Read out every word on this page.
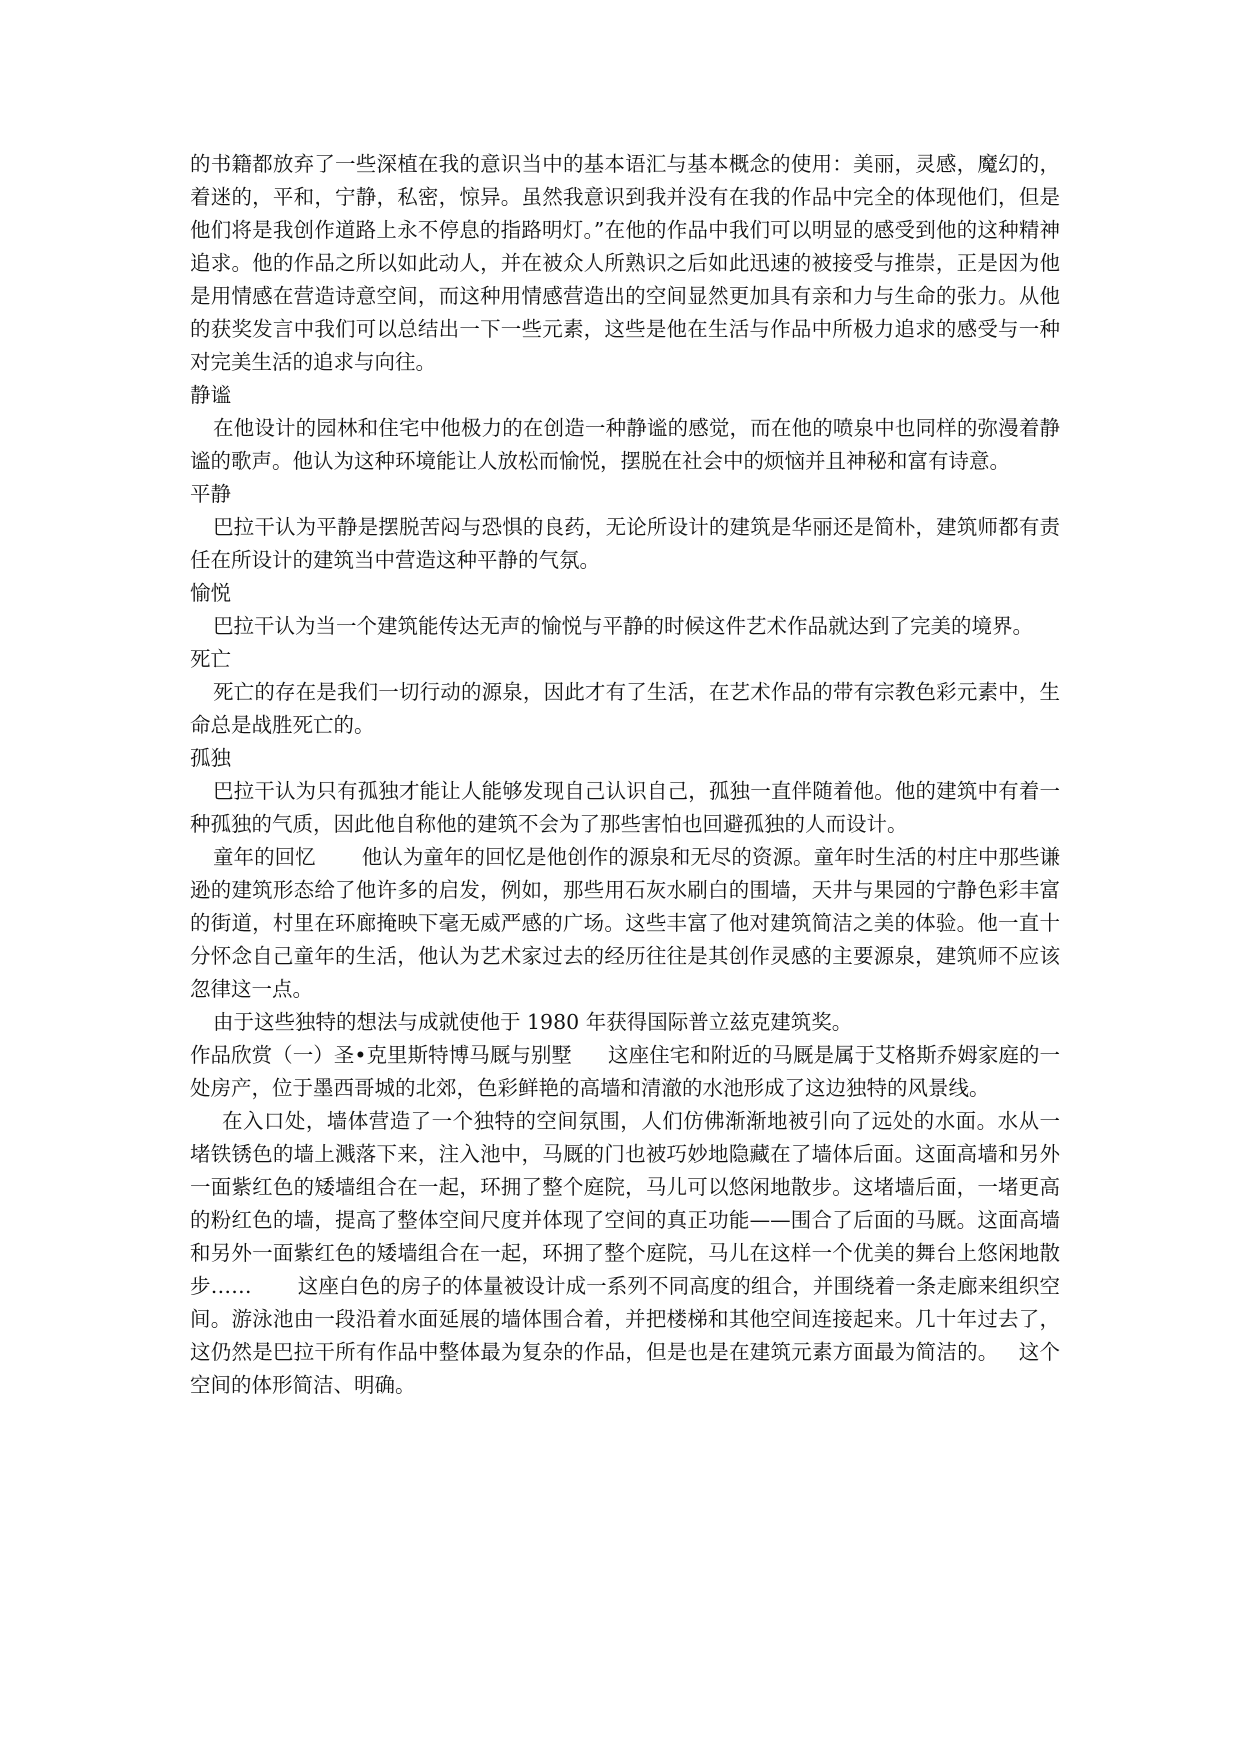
的书籍都放弃了一些深植在我的意识当中的基本语汇与基本概念的使用：美丽，灵感，魔幻的，着迷的，平和，宁静，私密，惊异。虽然我意识到我并没有在我的作品中完全的体现他们，但是他们将是我创作道路上永不停息的指路明灯。”在他的作品中我们可以明显的感受到他的这种精神追求。他的作品之所以如此动人，并在被众人所熟识之后如此迅速的被接受与推崇，正是因为他是用情感在营造诗意空间，而这种用情感营造出的空间显然更加具有亲和力与生命的张力。从他的获奖发言中我们可以总结出一下一些元素，这些是他在生活与作品中所极力追求的感受与一种对完美生活的追求与向往。

静谧

在他设计的园林和住宅中他极力的在创造一种静谧的感觉，而在他的喷泉中也同样的弥漫着静谧的歌声。他认为这种环境能让人放松而愉悦，摆脱在社会中的烦恼并且神秘和富有诗意。

平静

巴拉干认为平静是摆脱苦闷与恐惧的良药，无论所设计的建筑是华丽还是简朴，建筑师都有责任在所设计的建筑当中营造这种平静的气氛。

愉悦

巴拉干认为当一个建筑能传达无声的愉悦与平静的时候这件艺术作品就达到了完美的境界。

死亡

死亡的存在是我们一切行动的源泉，因此才有了生活，在艺术作品的带有宗教色彩元素中，生命总是战胜死亡的。

孤独

巴拉干认为只有孤独才能让人能够发现自己认识自己，孤独一直伴随着他。他的建筑中有着一种孤独的气质，因此他自称他的建筑不会为了那些害怕也回避孤独的人而设计。

童年的回忆 他认为童年的回忆是他创作的源泉和无尽的资源。童年时生活的村庄中那些谦逊的建筑形态给了他许多的启发，例如，那些用石灰水刷白的围墙，天井与果园的宁静色彩丰富的街道，村里在环廊掩映下毫无威严感的广场。这些丰富了他对建筑简洁之美的体验。他一直十分怀念自己童年的生活，他认为艺术家过去的经历往往是其创作灵感的主要源泉，建筑师不应该忽律这一点。

由于这些独特的想法与成就使他于 1980 年获得国际普立兹克建筑奖。

作品欣赏（一）圣•克里斯特博马厩与别墅 这座住宅和附近的马厩是属于艾格斯乔姆家庭的一处房产，位于墨西哥城的北郊，色彩鲜艳的高墙和清澈的水池形成了这边独特的风景线。

在入口处，墙体营造了一个独特的空间氛围，人们仿佛渐渐地被引向了远处的水面。水从一堵铁锈色的墙上溅落下来，注入池中，马厩的门也被巧妙地隐藏在了墙体后面。这面高墙和另外一面紫红色的矮墙组合在一起，环拥了整个庭院，马儿可以悠闲地散步。这堵墙后面，一堵更高的粉红色的墙，提高了整体空间尺度并体现了空间的真正功能——围合了后面的马厩。这面高墙和另外一面紫红色的矮墙组合在一起，环拥了整个庭院，马儿在这样一个优美的舞台上悠闲地散步…… 这座白色的房子的体量被设计成一系列不同高度的组合，并围绕着一条走廊来组织空间。游泳池由一段沿着水面延展的墙体围合着，并把楼梯和其他空间连接起来。几十年过去了，这仍然是巴拉干所有作品中整体最为复杂的作品，但是也是在建筑元素方面最为简洁的。 这个空间的体形简洁、明确。
